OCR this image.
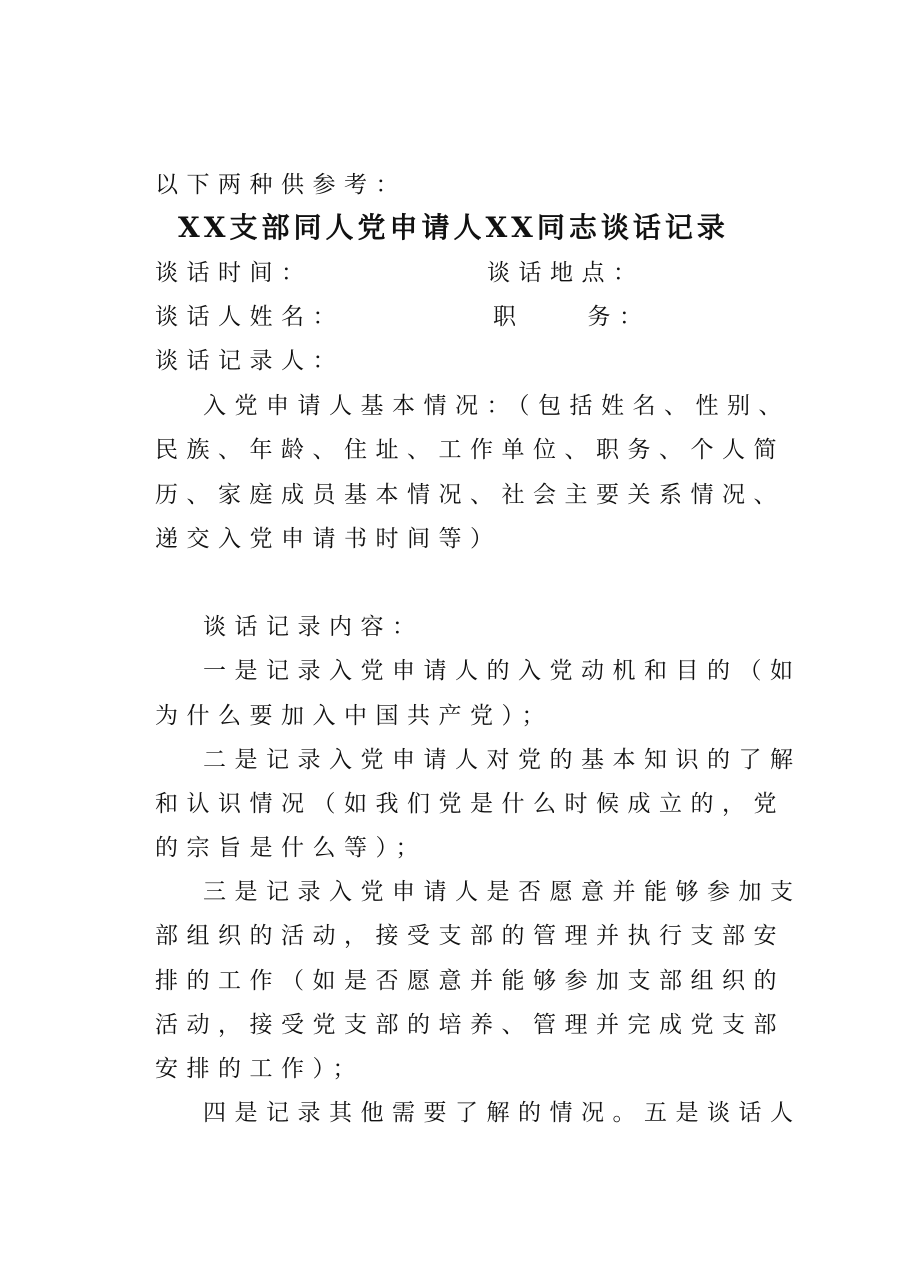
以下两种供参考：
XX支部同人党申请人XX同志谈话记录
谈话时间：	谈话地点：
谈话人姓名：	职　　务：
谈话记录人：
入党申请人基本情况：（包括姓名、性别、
民族、年龄、住址、工作单位、职务、个人简
历、家庭成员基本情况、社会主要关系情况、
递交入党申请书时间等）
谈话记录内容：
一是记录入党申请人的入党动机和目的（如
为什么要加入中国共产党）；
二是记录入党申请人对党的基本知识的了解
和认识情况（如我们党是什么时候成立的，党
的宗旨是什么等）；
三是记录入党申请人是否愿意并能够参加支
部组织的活动，接受支部的管理并执行支部安
排的工作（如是否愿意并能够参加支部组织的
活动，接受党支部的培养、管理并完成党支部
安排的工作）；
四是记录其他需要了解的情况。五是谈话人
